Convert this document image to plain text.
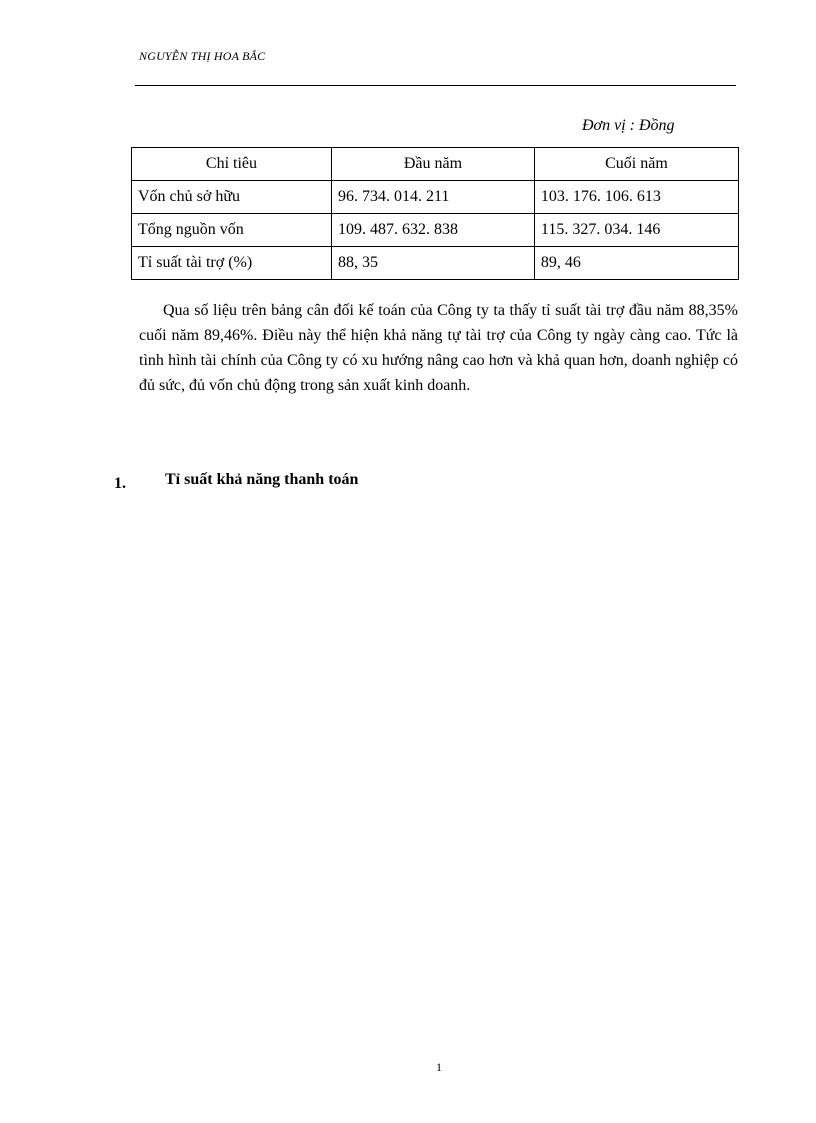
NGUYỄN THỊ HOA BẮC
Đơn vị : Đồng
Chỉ tiêu	Đầu năm	Cuối năm
Vốn chủ sở hữu	96. 734. 014. 211	103. 176. 106. 613
Tổng nguồn vốn	109. 487. 632. 838	115. 327. 034. 146
Tỉ suất tài trợ (%)	88, 35	89, 46

Qua số liệu trên bảng cân đối kế toán của Công ty ta thấy tỉ suất tài trợ đầu năm 88,35% cuối năm 89,46%. Điều này thể hiện khả năng tự tài trợ của Công ty ngày càng cao. Tức là tình hình tài chính của Công ty có xu hướng nâng cao hơn và khả quan hơn, doanh nghiệp có đủ sức, đủ vốn chủ động trong sản xuất kinh doanh.

1. Tỉ suất khả năng thanh toán
1
